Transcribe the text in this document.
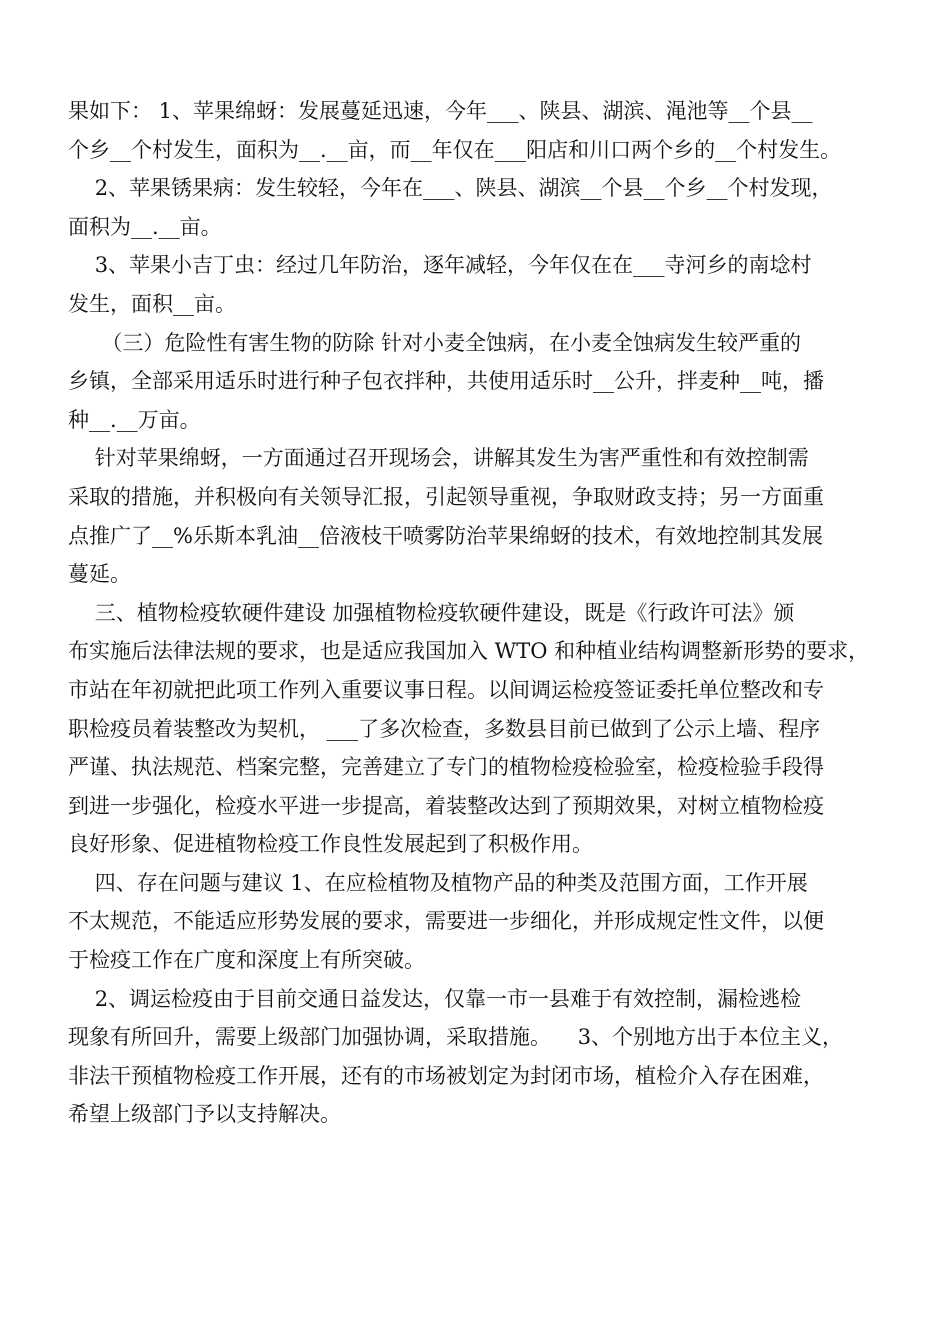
果如下： 1、苹果绵蚜：发展蔓延迅速，今年___、陕县、湖滨、渑池等__个县__
个乡__个村发生，面积为__.__亩，而__年仅在___阳店和川口两个乡的__个村发生。
2、苹果锈果病：发生较轻，今年在___、陕县、湖滨__个县__个乡__个村发现，
面积为__.__亩。
3、苹果小吉丁虫：经过几年防治，逐年减轻，今年仅在在___寺河乡的南埝村
发生，面积__亩。
（三）危险性有害生物的防除 针对小麦全蚀病，在小麦全蚀病发生较严重的
乡镇，全部采用适乐时进行种子包衣拌种，共使用适乐时__公升，拌麦种__吨，播
种__.__万亩。
针对苹果绵蚜，一方面通过召开现场会，讲解其发生为害严重性和有效控制需
采取的措施，并积极向有关领导汇报，引起领导重视，争取财政支持；另一方面重
点推广了__%乐斯本乳油__倍液枝干喷雾防治苹果绵蚜的技术，有效地控制其发展
蔓延。
三、植物检疫软硬件建设 加强植物检疫软硬件建设，既是《行政许可法》颁
布实施后法律法规的要求，也是适应我国加入 WTO 和种植业结构调整新形势的要求，
市站在年初就把此项工作列入重要议事日程。以间调运检疫签证委托单位整改和专
职检疫员着装整改为契机， ___了多次检查，多数县目前已做到了公示上墙、程序
严谨、执法规范、档案完整，完善建立了专门的植物检疫检验室，检疫检验手段得
到进一步强化，检疫水平进一步提高，着装整改达到了预期效果，对树立植物检疫
良好形象、促进植物检疫工作良性发展起到了积极作用。
四、存在问题与建议 1、在应检植物及植物产品的种类及范围方面，工作开展
不太规范，不能适应形势发展的要求，需要进一步细化，并形成规定性文件，以便
于检疫工作在广度和深度上有所突破。
2、调运检疫由于目前交通日益发达，仅靠一市一县难于有效控制，漏检逃检
现象有所回升，需要上级部门加强协调，采取措施。    3、个别地方出于本位主义，
非法干预植物检疫工作开展，还有的市场被划定为封闭市场，植检介入存在困难，
希望上级部门予以支持解决。
